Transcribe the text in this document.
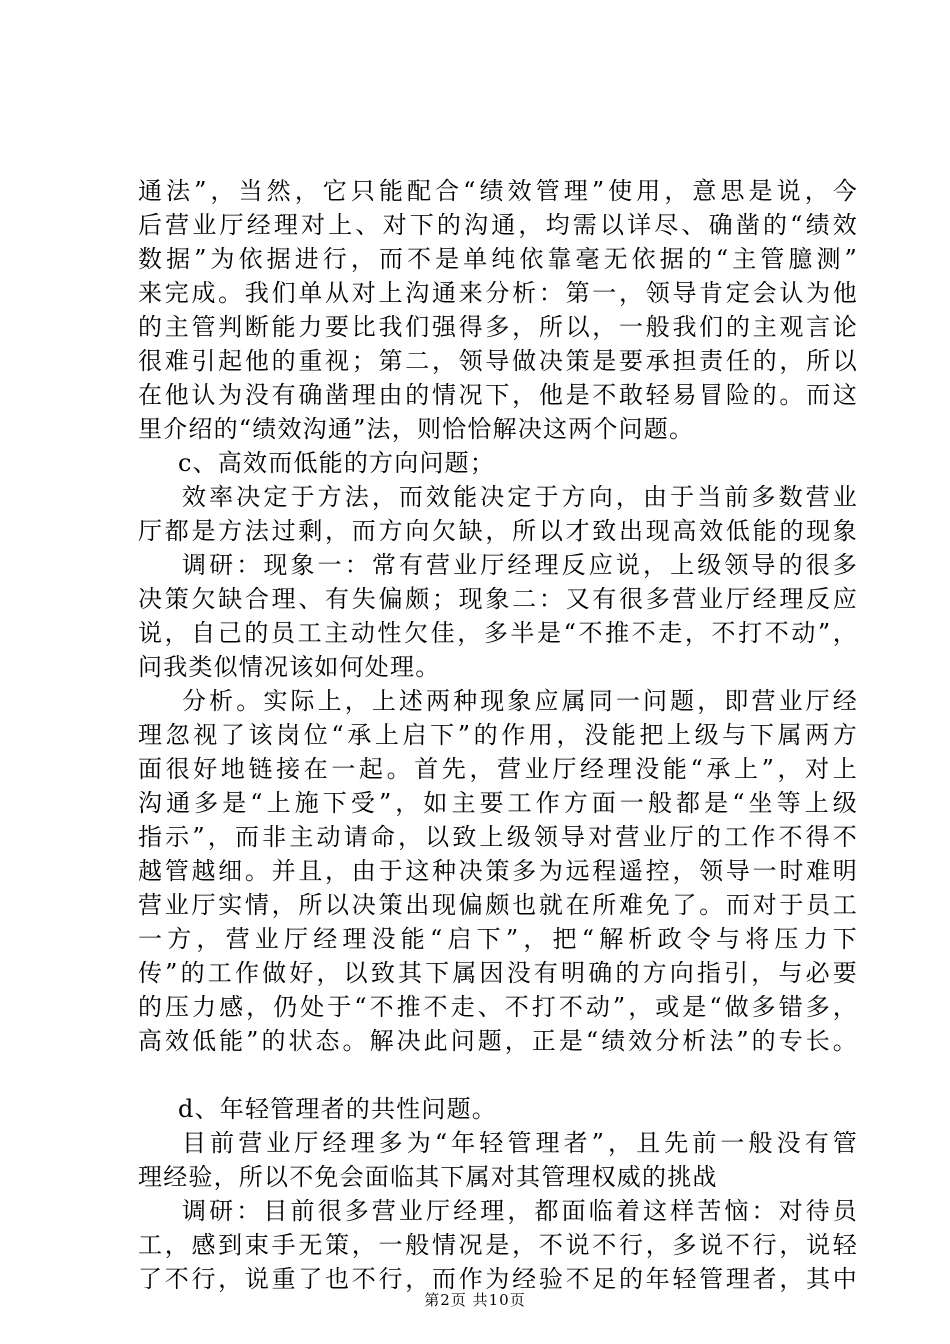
通法”，当然，它只能配合“绩效管理”使用，意思是说，今
后营业厅经理对上、对下的沟通，均需以详尽、确凿的“绩效
数据”为依据进行，而不是单纯依靠毫无依据的“主管臆测”
来完成。我们单从对上沟通来分析：第一，领导肯定会认为他
的主管判断能力要比我们强得多，所以，一般我们的主观言论
很难引起他的重视；第二，领导做决策是要承担责任的，所以
在他认为没有确凿理由的情况下，他是不敢轻易冒险的。而这
里介绍的“绩效沟通”法，则恰恰解决这两个问题。
c、高效而低能的方向问题；
效率决定于方法，而效能决定于方向，由于当前多数营业
厅都是方法过剩，而方向欠缺，所以才致出现高效低能的现象
调研：现象一：常有营业厅经理反应说，上级领导的很多
决策欠缺合理、有失偏颇；现象二：又有很多营业厅经理反应
说，自己的员工主动性欠佳，多半是“不推不走，不打不动”，
问我类似情况该如何处理。
分析。实际上，上述两种现象应属同一问题，即营业厅经
理忽视了该岗位“承上启下”的作用，没能把上级与下属两方
面很好地链接在一起。首先，营业厅经理没能“承上”，对上
沟通多是“上施下受”，如主要工作方面一般都是“坐等上级
指示”，而非主动请命，以致上级领导对营业厅的工作不得不
越管越细。并且，由于这种决策多为远程遥控，领导一时难明
营业厅实情，所以决策出现偏颇也就在所难免了。而对于员工
一方，营业厅经理没能“启下”，把“解析政令与将压力下
传”的工作做好，以致其下属因没有明确的方向指引，与必要
的压力感，仍处于“不推不走、不打不动”，或是“做多错多，
高效低能”的状态。解决此问题，正是“绩效分析法”的专长。
d、年轻管理者的共性问题。
目前营业厅经理多为“年轻管理者”，且先前一般没有管
理经验，所以不免会面临其下属对其管理权威的挑战
调研：目前很多营业厅经理，都面临着这样苦恼：对待员
工，感到束手无策，一般情况是，不说不行，多说不行，说轻
了不行，说重了也不行，而作为经验不足的年轻管理者，其中
第2页 共10页
